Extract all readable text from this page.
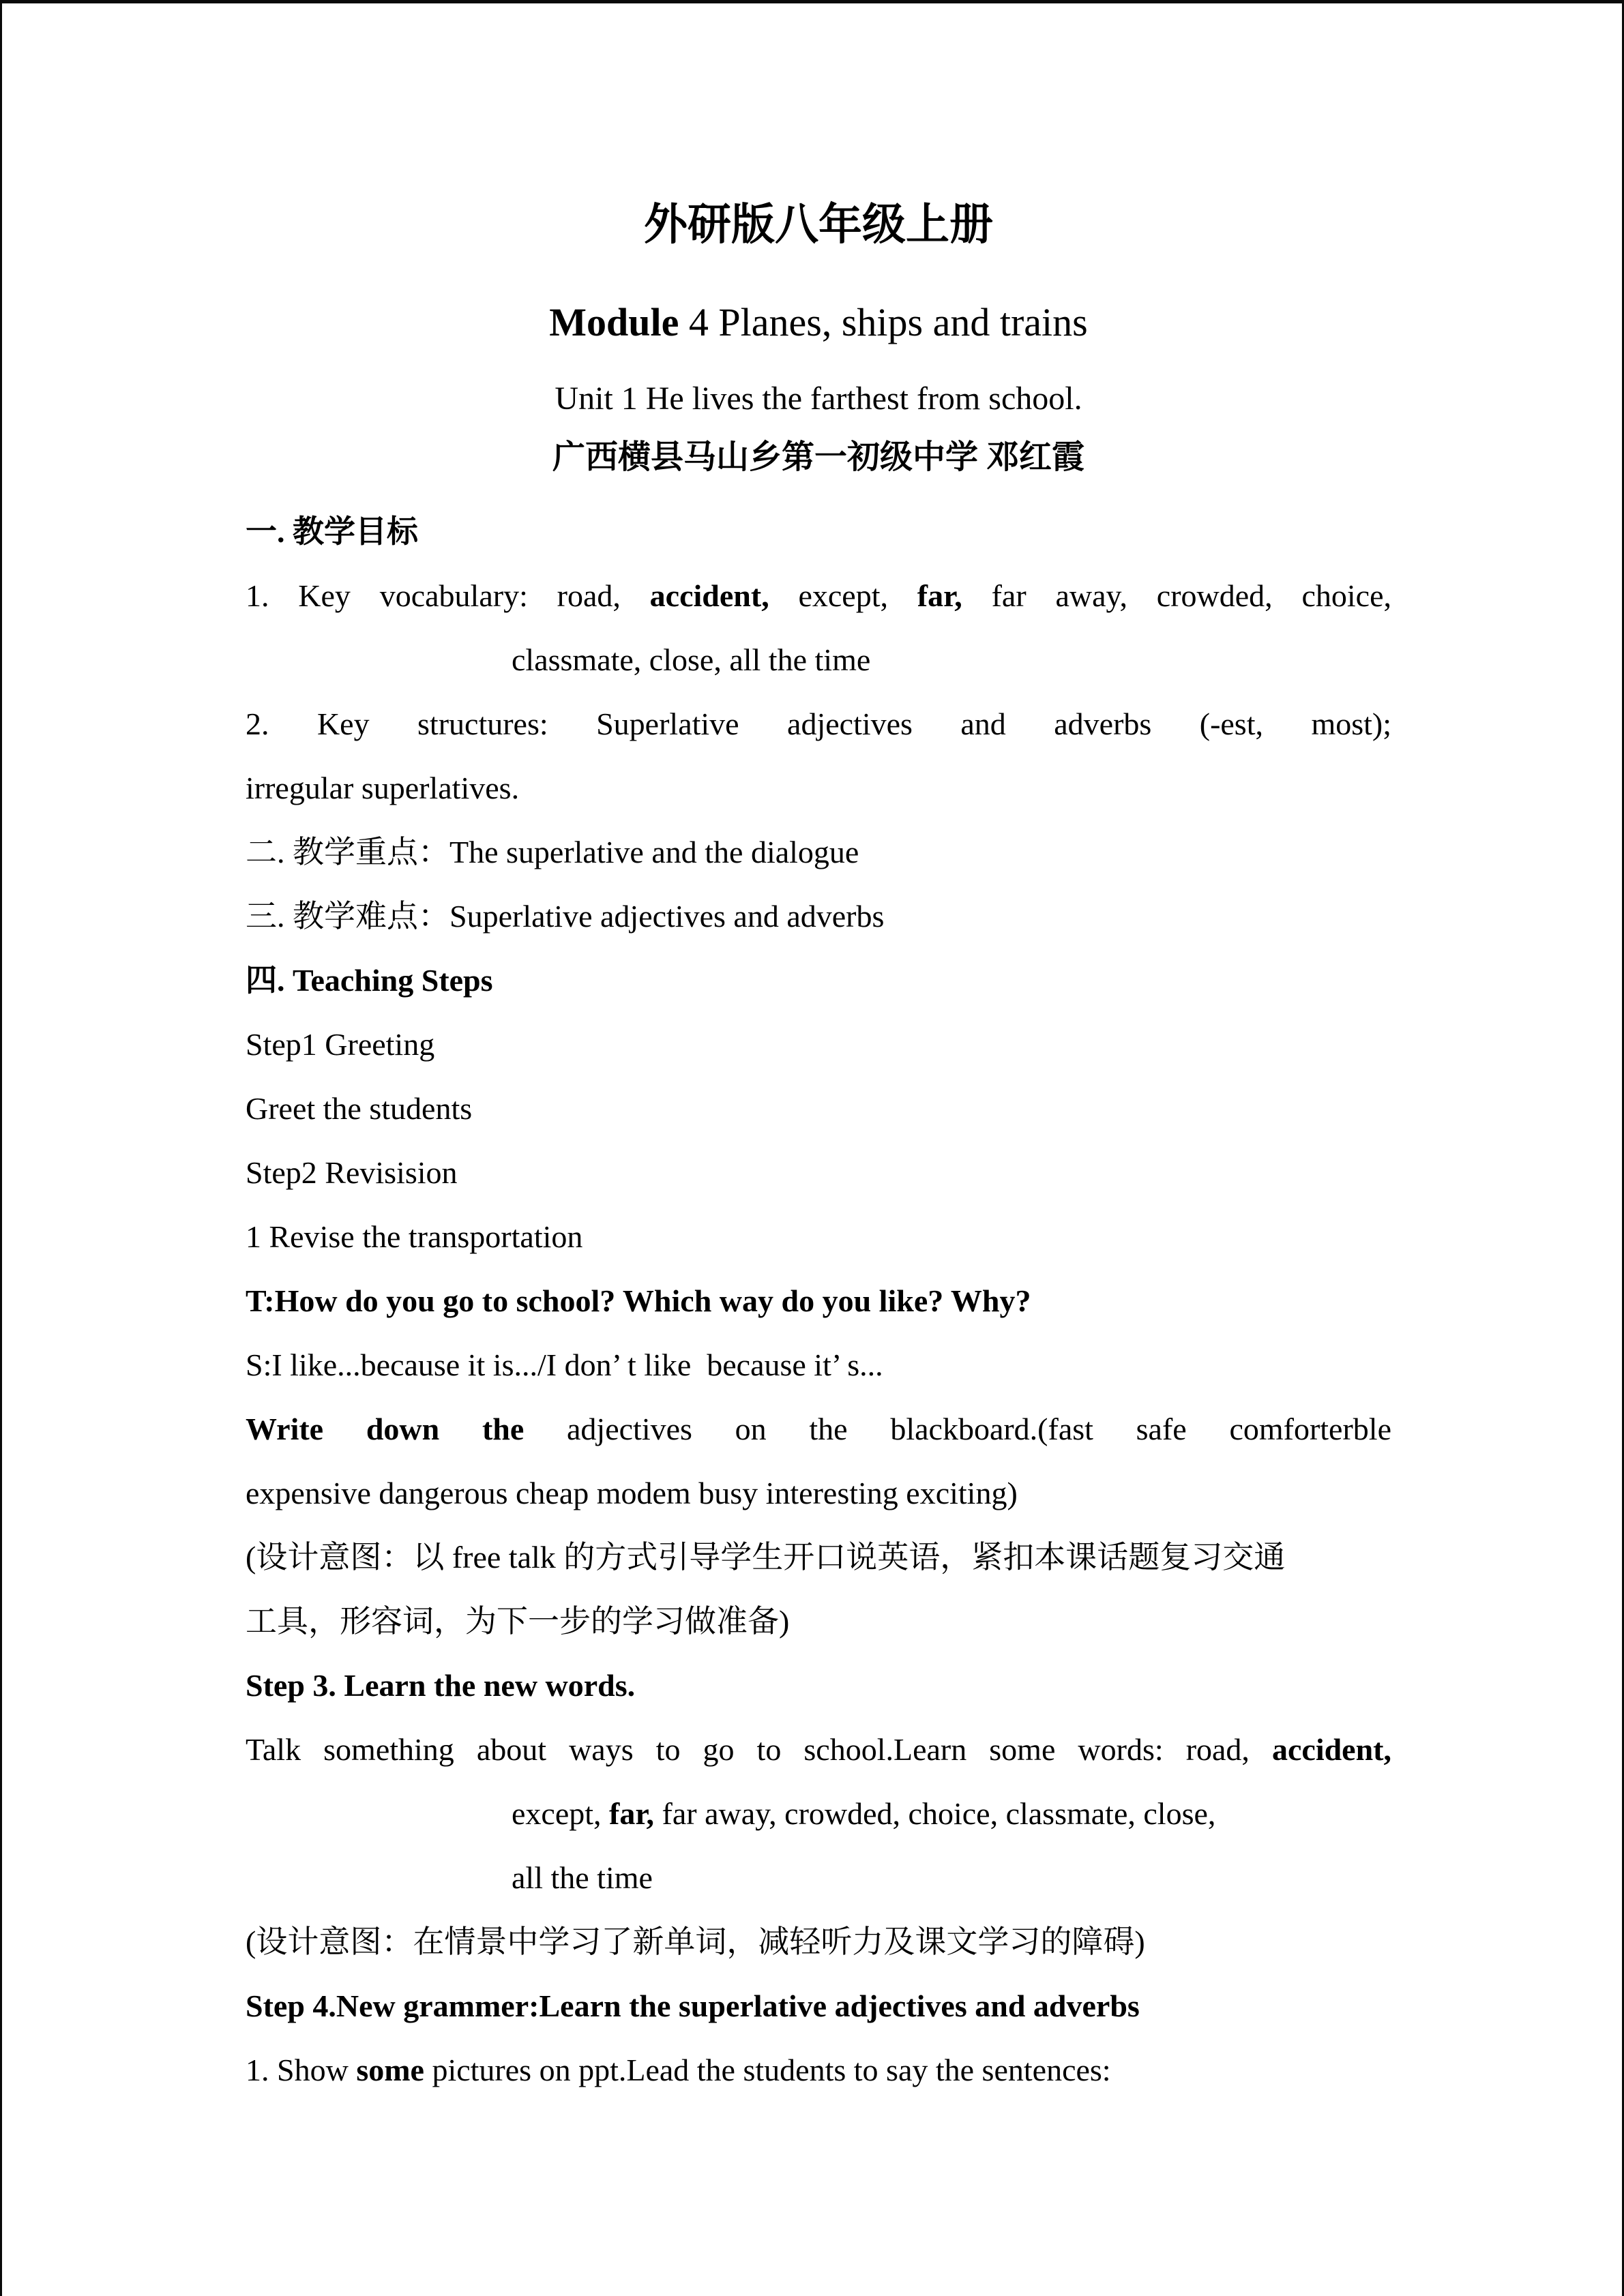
外研版八年级上册
Module 4 Planes, ships and trains
Unit 1 He lives the farthest from school.
广西横县马山乡第一初级中学 邓红霞
一. 教学目标
1. Key vocabulary: road, accident, except, far, far away, crowded, choice,
classmate, close, all the time
2. Key structures: Superlative adjectives and adverbs (-est, most);
irregular superlatives.
二. 教学重点：The superlative and the dialogue
三. 教学难点：Superlative adjectives and adverbs
四. Teaching Steps
Step1 Greeting
Greet the students
Step2 Revisision
1 Revise the transportation
T:How do you go to school? Which way do you like? Why?
S:I like...because it is.../I don’ t like  because it’ s...
Write down the adjectives on the blackboard.(fast safe comforterble
expensive dangerous cheap modem busy interesting exciting)
(设计意图：以 free talk 的方式引导学生开口说英语，紧扣本课话题复习交通
工具，形容词，为下一步的学习做准备)
Step 3. Learn the new words.
Talk something about ways to go to school.Learn some words: road, accident,
except, far, far away, crowded, choice, classmate, close,
all the time
(设计意图：在情景中学习了新单词，减轻听力及课文学习的障碍)
Step 4.New grammer:Learn the superlative adjectives and adverbs
1. Show some pictures on ppt.Lead the students to say the sentences:
